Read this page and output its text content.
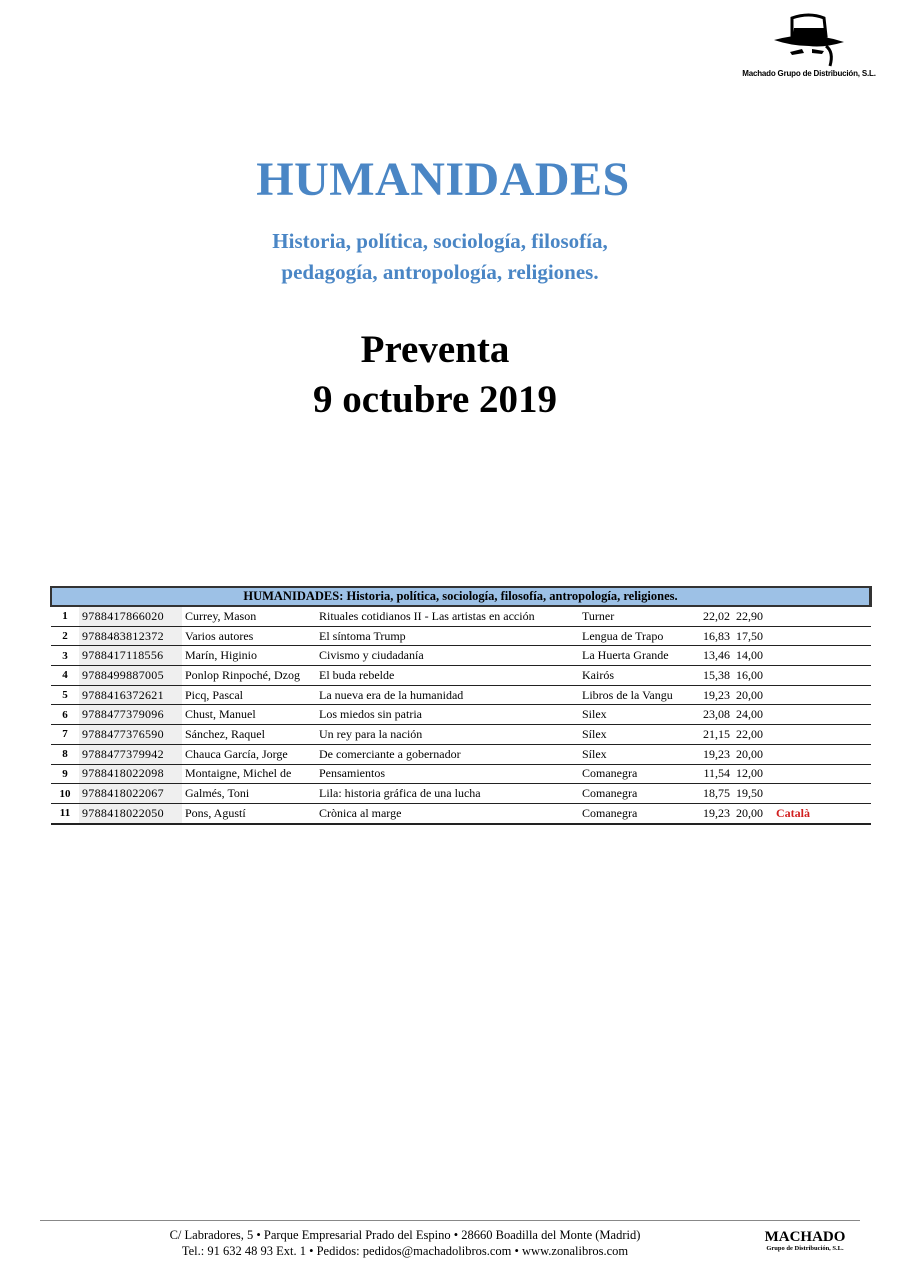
Machado Grupo de Distribución, S.L.
HUMANIDADES
Historia, política, sociología, filosofía,
pedagogía, antropología, religiones.
Preventa
9 octubre 2019
HUMANIDADES: Historia, política, sociología, filosofía, antropología, religiones.								
1	9788417866020	Currey, Mason	Rituales cotidianos II - Las artistas en acción	Turner	22,02	22,90		
2	9788483812372	Varios autores	El síntoma Trump	Lengua de Trapo	16,83	17,50		
3	9788417118556	Marín, Higinio	Civismo y ciudadanía	La Huerta Grande	13,46	14,00		
4	9788499887005	Ponlop Rinpoché, Dzog	El buda rebelde	Kairós	15,38	16,00		
5	9788416372621	Picq, Pascal	La nueva era de la humanidad	Libros de la Vangu	19,23	20,00		
6	9788477379096	Chust, Manuel	Los miedos sin patria	Silex	23,08	24,00		
7	9788477376590	Sánchez, Raquel	Un rey para la nación	Sílex	21,15	22,00		
8	9788477379942	Chauca García, Jorge	De comerciante a gobernador	Sílex	19,23	20,00		
9	9788418022098	Montaigne, Michel de	Pensamientos	Comanegra	11,54	12,00		
10	9788418022067	Galmés, Toni	Lila: historia gráfica de una lucha	Comanegra	18,75	19,50		
11	9788418022050	Pons, Agustí	Crònica al marge	Comanegra	19,23	20,00	Català	
C/ Labradores, 5 • Parque Empresarial Prado del Espino • 28660 Boadilla del Monte (Madrid)
Tel.: 91 632 48 93 Ext. 1 • Pedidos: pedidos@machadolibros.com • www.zonalibros.com
MACHADO
Grupo de Distribución, S.L.
